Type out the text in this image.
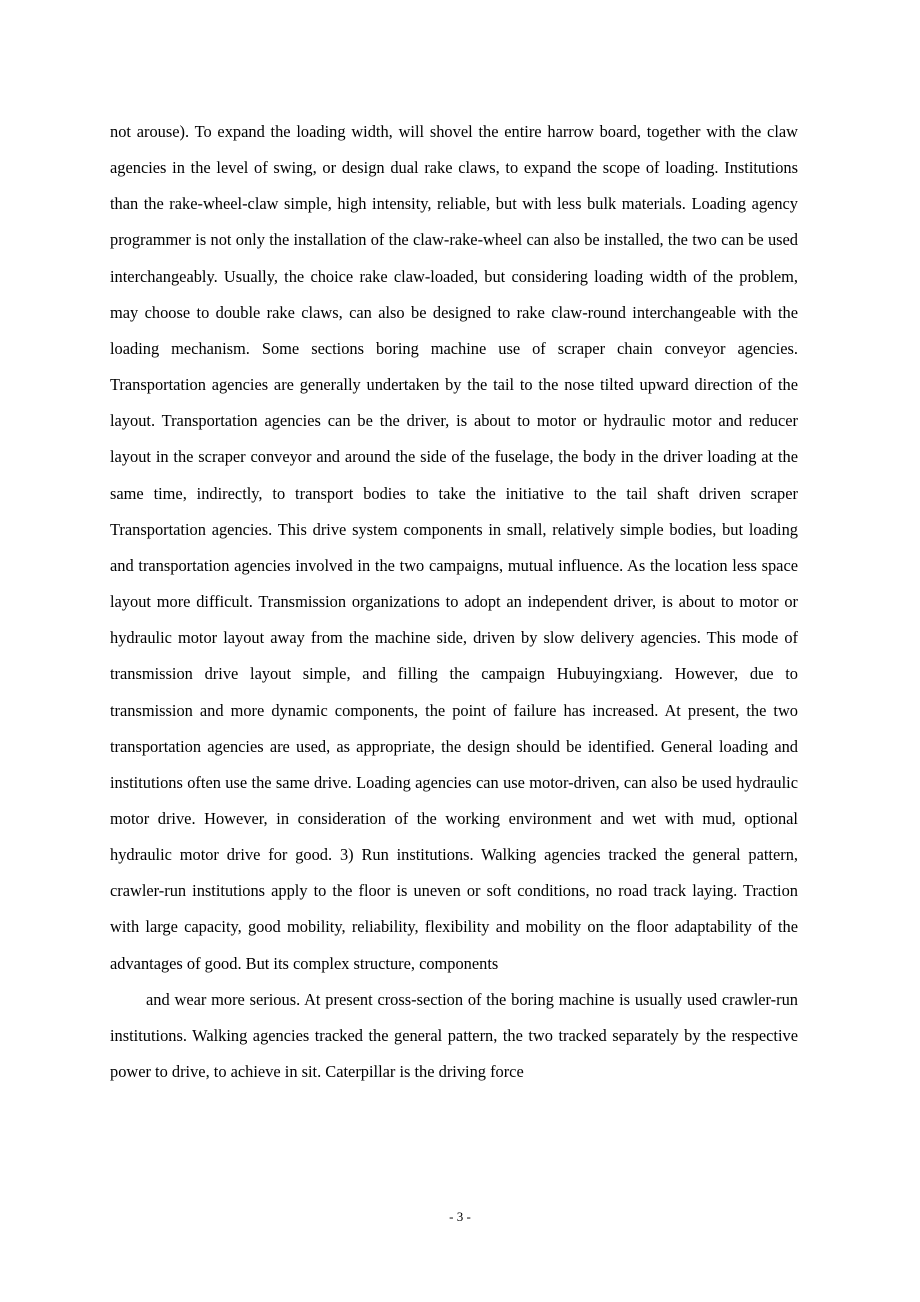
not arouse). To expand the loading width, will shovel the entire harrow board, together with the claw agencies in the level of swing, or design dual rake claws, to expand the scope of loading. Institutions than the rake-wheel-claw simple, high intensity, reliable, but with less bulk materials. Loading agency programmer is not only the installation of the claw-rake-wheel can also be installed, the two can be used interchangeably. Usually, the choice rake claw-loaded, but considering loading width of the problem, may choose to double rake claws, can also be designed to rake claw-round interchangeable with the loading mechanism. Some sections boring machine use of scraper chain conveyor agencies. Transportation agencies are generally undertaken by the tail to the nose tilted upward direction of the layout. Transportation agencies can be the driver, is about to motor or hydraulic motor and reducer layout in the scraper conveyor and around the side of the fuselage, the body in the driver loading at the same time, indirectly, to transport bodies to take the initiative to the tail shaft driven scraper Transportation agencies. This drive system components in small, relatively simple bodies, but loading and transportation agencies involved in the two campaigns, mutual influence. As the location less space layout more difficult. Transmission organizations to adopt an independent driver, is about to motor or hydraulic motor layout away from the machine side, driven by slow delivery agencies. This mode of transmission drive layout simple, and filling the campaign Hubuyingxiang. However, due to transmission and more dynamic components, the point of failure has increased. At present, the two transportation agencies are used, as appropriate, the design should be identified. General loading and institutions often use the same drive. Loading agencies can use motor-driven, can also be used hydraulic motor drive. However, in consideration of the working environment and wet with mud, optional hydraulic motor drive for good. 3) Run institutions. Walking agencies tracked the general pattern, crawler-run institutions apply to the floor is uneven or soft conditions, no road track laying. Traction with large capacity, good mobility, reliability, flexibility and mobility on the floor adaptability of the advantages of good. But its complex structure, components

and wear more serious. At present cross-section of the boring machine is usually used crawler-run institutions. Walking agencies tracked the general pattern, the two tracked separately by the respective power to drive, to achieve in sit. Caterpillar is the driving force

- 3 -
